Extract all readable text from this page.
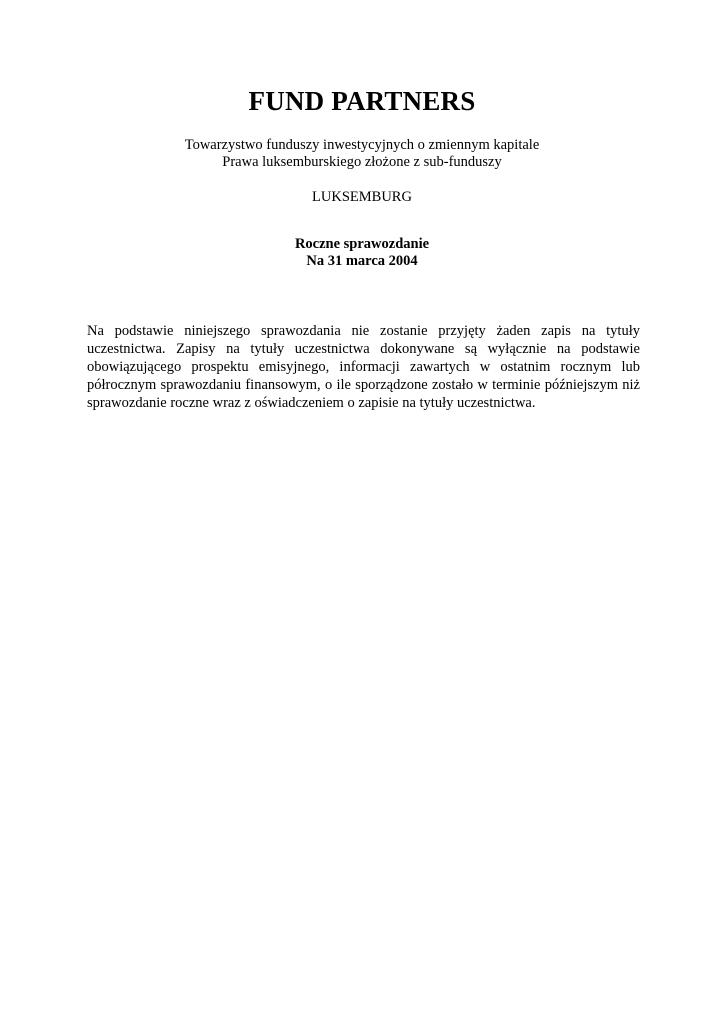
FUND PARTNERS
Towarzystwo funduszy inwestycyjnych o zmiennym kapitale
Prawa luksemburskiego złożone z sub-funduszy
LUKSEMBURG
Roczne sprawozdanie
Na 31 marca 2004

Na podstawie niniejszego sprawozdania nie zostanie przyjęty żaden zapis na tytuły uczestnictwa. Zapisy na tytuły uczestnictwa dokonywane są wyłącznie na podstawie obowiązującego prospektu emisyjnego, informacji zawartych w ostatnim rocznym lub półrocznym sprawozdaniu finansowym, o ile sporządzone zostało w terminie późniejszym niż sprawozdanie roczne wraz z oświadczeniem o zapisie na tytuły uczestnictwa.
